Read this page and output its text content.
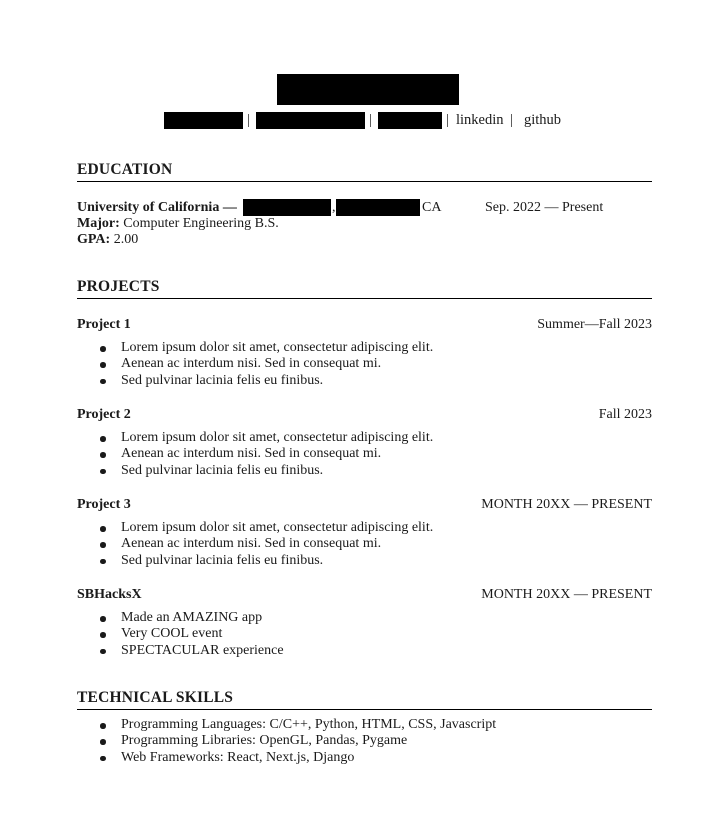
|	|	| linkedin | github
EDUCATION
University of California —	,	CA	Sep. 2022 — Present
Major: Computer Engineering B.S.
GPA: 2.00
PROJECTS
Project 1	Summer—Fall 2023
Lorem ipsum dolor sit amet, consectetur adipiscing elit.
Aenean ac interdum nisi. Sed in consequat mi.
Sed pulvinar lacinia felis eu finibus.
Project 2	Fall 2023
Lorem ipsum dolor sit amet, consectetur adipiscing elit.
Aenean ac interdum nisi. Sed in consequat mi.
Sed pulvinar lacinia felis eu finibus.
Project 3	MONTH 20XX — PRESENT
Lorem ipsum dolor sit amet, consectetur adipiscing elit.
Aenean ac interdum nisi. Sed in consequat mi.
Sed pulvinar lacinia felis eu finibus.
SBHacksX	MONTH 20XX — PRESENT
Made an AMAZING app
Very COOL event
SPECTACULAR experience
TECHNICAL SKILLS
Programming Languages: C/C++, Python, HTML, CSS, Javascript
Programming Libraries: OpenGL, Pandas, Pygame
Web Frameworks: React, Next.js, Django
